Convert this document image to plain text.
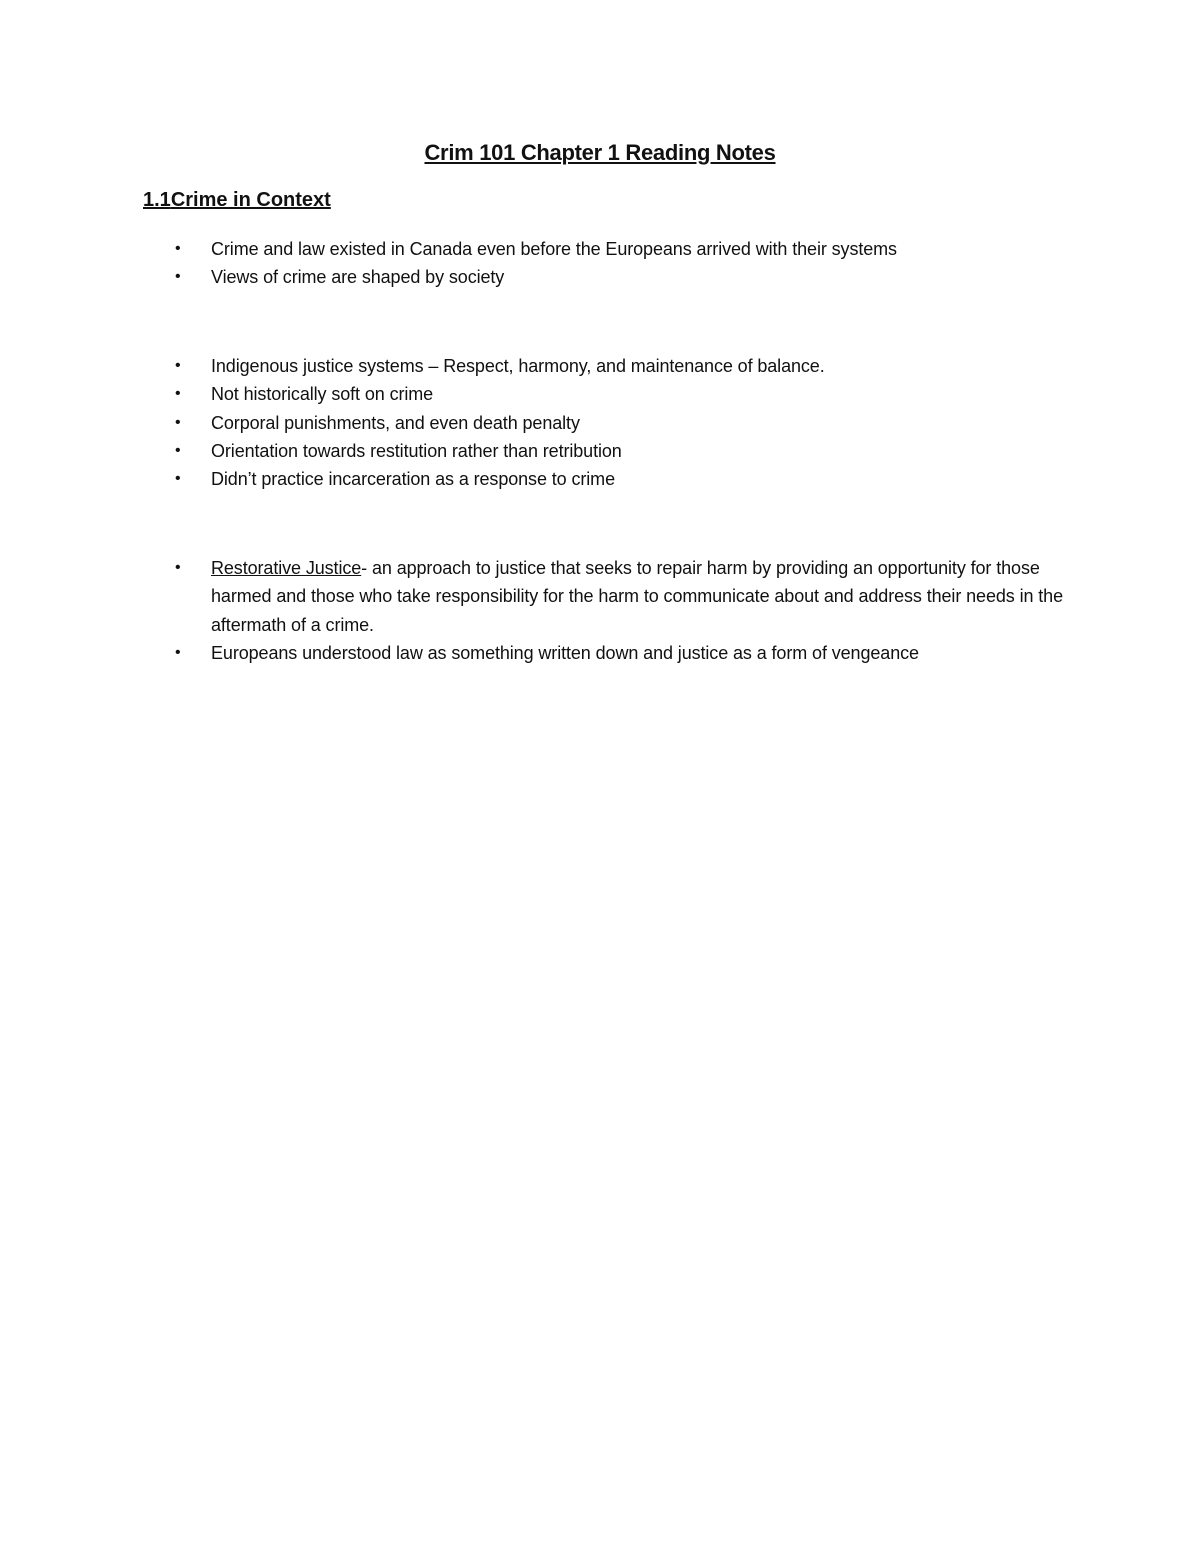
Crim 101 Chapter 1 Reading Notes
1.1Crime in Context
• Crime and law existed in Canada even before the Europeans arrived with their systems
• Views of crime are shaped by society
• Indigenous justice systems – Respect, harmony, and maintenance of balance.
• Not historically soft on crime
• Corporal punishments, and even death penalty
• Orientation towards restitution rather than retribution
• Didn’t practice incarceration as a response to crime
• Restorative Justice- an approach to justice that seeks to repair harm by providing an opportunity for those harmed and those who take responsibility for the harm to communicate about and address their needs in the aftermath of a crime.
• Europeans understood law as something written down and justice as a form of vengeance
